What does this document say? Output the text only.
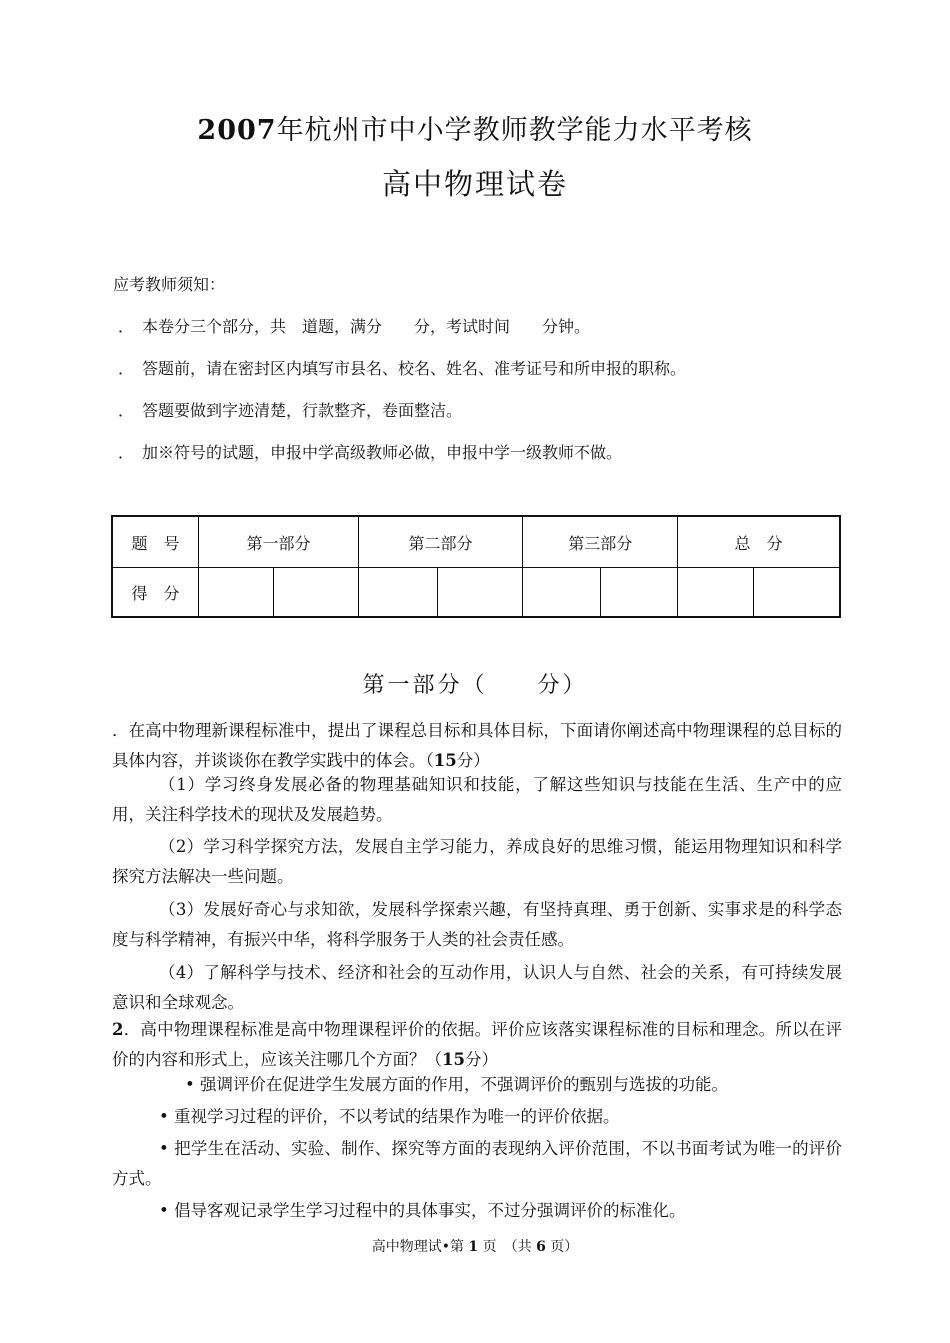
2007年杭州市中小学教师教学能力水平考核
高中物理试卷
应考教师须知：
． 本卷分三个部分，共　道题，满分　　分，考试时间　　分钟。
． 答题前，请在密封区内填写市县名、校名、姓名、准考证号和所申报的职称。
． 答题要做到字迹清楚，行款整齐，卷面整洁。
． 加※符号的试题，申报中学高级教师必做，申报中学一级教师不做。
题　号	第一部分		第二部分		第三部分		总　分	
得　分								
第一部分（　　分）
．在高中物理新课程标准中，提出了课程总目标和具体目标，下面请你阐述高中物理课程的总目标的具体内容，并谈谈你在教学实践中的体会。（15分）
（1）学习终身发展必备的物理基础知识和技能，了解这些知识与技能在生活、生产中的应用，关注科学技术的现状及发展趋势。
（2）学习科学探究方法，发展自主学习能力，养成良好的思维习惯，能运用物理知识和科学探究方法解决一些问题。
（3）发展好奇心与求知欲，发展科学探索兴趣，有坚持真理、勇于创新、实事求是的科学态度与科学精神，有振兴中华，将科学服务于人类的社会责任感。
（4）了解科学与技术、经济和社会的互动作用，认识人与自然、社会的关系，有可持续发展意识和全球观念。
2．高中物理课程标准是高中物理课程评价的依据。评价应该落实课程标准的目标和理念。所以在评价的内容和形式上，应该关注哪几个方面？（15分）
• 强调评价在促进学生发展方面的作用，不强调评价的甄别与选拔的功能。
• 重视学习过程的评价，不以考试的结果作为唯一的评价依据。
• 把学生在活动、实验、制作、探究等方面的表现纳入评价范围，不以书面考试为唯一的评价方式。
• 倡导客观记录学生学习过程中的具体事实，不过分强调评价的标准化。
高中物理试•第 1 页　（共 6 页）
